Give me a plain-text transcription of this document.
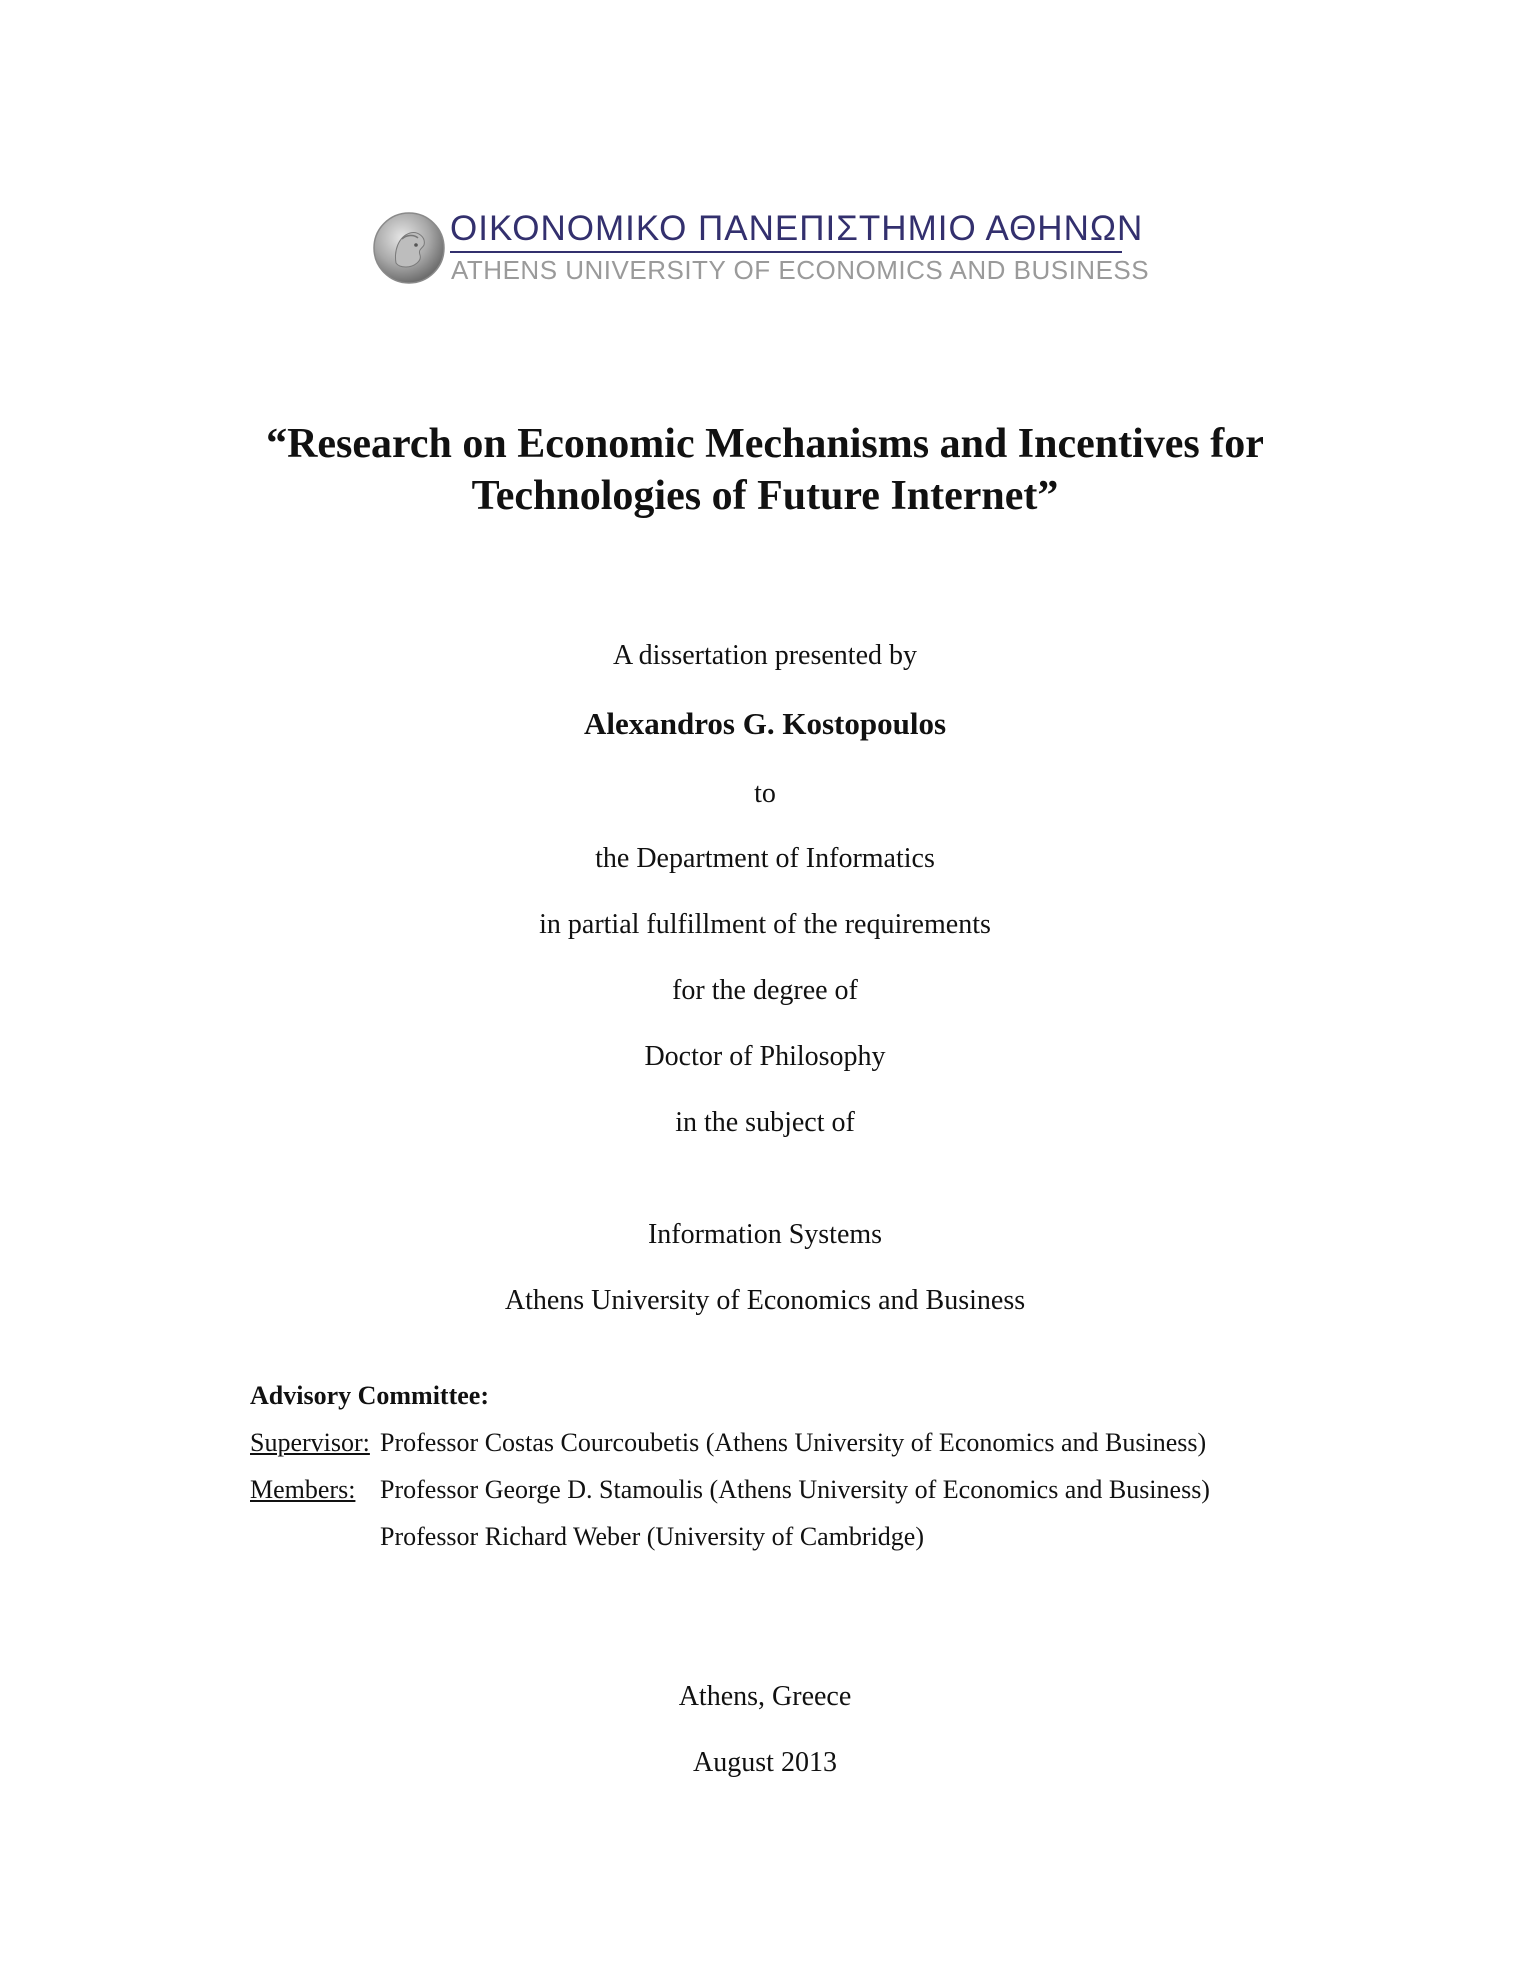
ΟΙΚΟΝΟΜΙΚΟ ΠΑΝΕΠΙΣΤΗΜΙΟ ΑΘΗΝΩΝ
ATHENS UNIVERSITY OF ECONOMICS AND BUSINESS
“Research on Economic Mechanisms and Incentives for
Technologies of Future Internet”
A dissertation presented by
Alexandros G. Kostopoulos
to
the Department of Informatics
in partial fulfillment of the requirements
for the degree of
Doctor of Philosophy
in the subject of
Information Systems
Athens University of Economics and Business
Advisory Committee:
Supervisor: Professor Costas Courcoubetis (Athens University of Economics and Business)
Members: Professor George D. Stamoulis (Athens University of Economics and Business)
Professor Richard Weber (University of Cambridge)
Athens, Greece
August 2013
